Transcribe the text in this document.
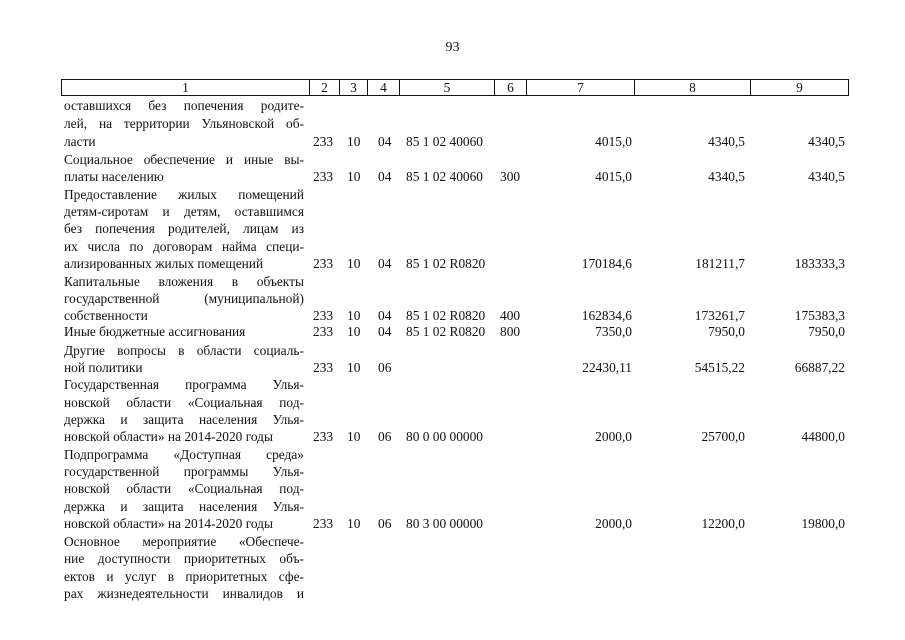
93
1	2	3	4	5	6	7	8	9
оставшихся без попечения родите-
лей, на территории Ульяновской об-
ласти	233 10 04 85 1 02 40060	4015,0	4340,5	4340,5
Социальное обеспечение и иные вы-
платы населению	233 10 04 85 1 02 40060 300	4015,0	4340,5	4340,5
Предоставление жилых помещений
детям-сиротам и детям, оставшимся
без попечения родителей, лицам из
их числа по договорам найма специ-
ализированных жилых помещений	233 10 04 85 1 02 R0820	170184,6	181211,7	183333,3
Капитальные вложения в объекты
государственной (муниципальной)
собственности	233 10 04 85 1 02 R0820 400	162834,6	173261,7	175383,3
Иные бюджетные ассигнования	233 10 04 85 1 02 R0820 800	7350,0	7950,0	7950,0
Другие вопросы в области социаль-
ной политики	233 10 06	22430,11	54515,22	66887,22
Государственная программа Улья-
новской области «Социальная под-
держка и защита населения Улья-
новской области» на 2014-2020 годы	233 10 06 80 0 00 00000	2000,0	25700,0	44800,0
Подпрограмма «Доступная среда»
государственной программы Улья-
новской области «Социальная под-
держка и защита населения Улья-
новской области» на 2014-2020 годы	233 10 06 80 3 00 00000	2000,0	12200,0	19800,0
Основное мероприятие «Обеспече-
ние доступности приоритетных объ-
ектов и услуг в приоритетных сфе-
рах жизнедеятельности инвалидов и
